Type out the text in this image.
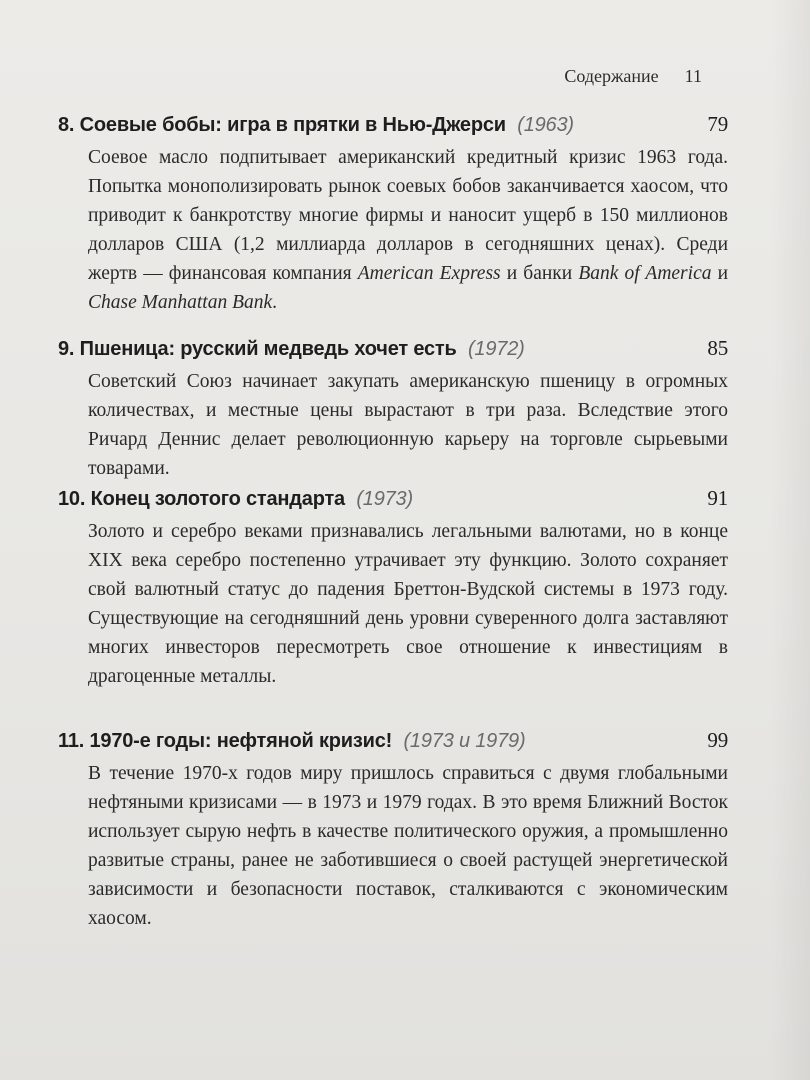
Содержание 11
8. Соевые бобы: игра в прятки в Нью-Джерси (1963)	79
Соевое масло подпитывает американский кредитный кризис 1963 года. Попытка монополизировать рынок соевых бобов заканчивается хаосом, что приводит к банкротству многие фирмы и наносит ущерб в 150 миллионов долларов США (1,2 миллиарда долларов в сегодняшних ценах). Среди жертв — финансовая компания American Express и банки Bank of America и Chase Manhattan Bank.
9. Пшеница: русский медведь хочет есть (1972)	85
Советский Союз начинает закупать американскую пшеницу в огромных количествах, и местные цены вырастают в три раза. Вследствие этого Ричард Деннис делает революционную карьеру на торговле сырьевыми товарами.
10. Конец золотого стандарта (1973)	91
Золото и серебро веками признавались легальными валютами, но в конце XIX века серебро постепенно утрачивает эту функцию. Золото сохраняет свой валютный статус до падения Бреттон-Вудской системы в 1973 году. Существующие на сегодняшний день уровни суверенного долга заставляют многих инвесторов пересмотреть свое отношение к инвестициям в драгоценные металлы.
11. 1970-е годы: нефтяной кризис! (1973 и 1979)	99
В течение 1970-х годов миру пришлось справиться с двумя глобальными нефтяными кризисами — в 1973 и 1979 годах. В это время Ближний Восток использует сырую нефть в качестве политического оружия, а промышленно развитые страны, ранее не заботившиеся о своей растущей энергетической зависимости и безопасности поставок, сталкиваются с экономическим хаосом.
